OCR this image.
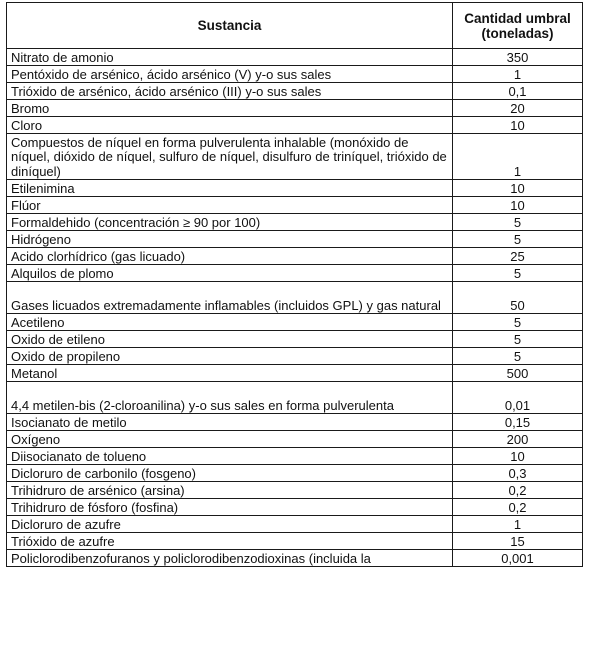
Sustancia	Cantidad umbral (toneladas)
Nitrato de amonio	350
Pentóxido de arsénico, ácido arsénico (V) y-o sus sales	1
Trióxido de arsénico, ácido arsénico (III) y-o sus sales	0,1
Bromo	20
Cloro	10
Compuestos de níquel en forma pulverulenta inhalable (monóxido de níquel, dióxido de níquel, sulfuro de níquel, disulfuro de triníquel, trióxido de diníquel)	1
Etilenimina	10
Flúor	10
Formaldehido (concentración ≥ 90 por 100)	5
Hidrógeno	5
Acido clorhídrico (gas licuado)	25
Alquilos de plomo	5
Gases licuados extremadamente inflamables (incluidos GPL) y gas natural	50
Acetileno	5
Oxido de etileno	5
Oxido de propileno	5
Metanol	500
4,4 metilen-bis (2-cloroanilina) y-o sus sales en forma pulverulenta	0,01
Isocianato de metilo	0,15
Oxígeno	200
Diisocianato de tolueno	10
Dicloruro de carbonilo (fosgeno)	0,3
Trihidruro de arsénico (arsina)	0,2
Trihidruro de fósforo (fosfina)	0,2
Dicloruro de azufre	1
Trióxido de azufre	15
Policlorodibenzofuranos y policlorodibenzodioxinas (incluida la	0,001
